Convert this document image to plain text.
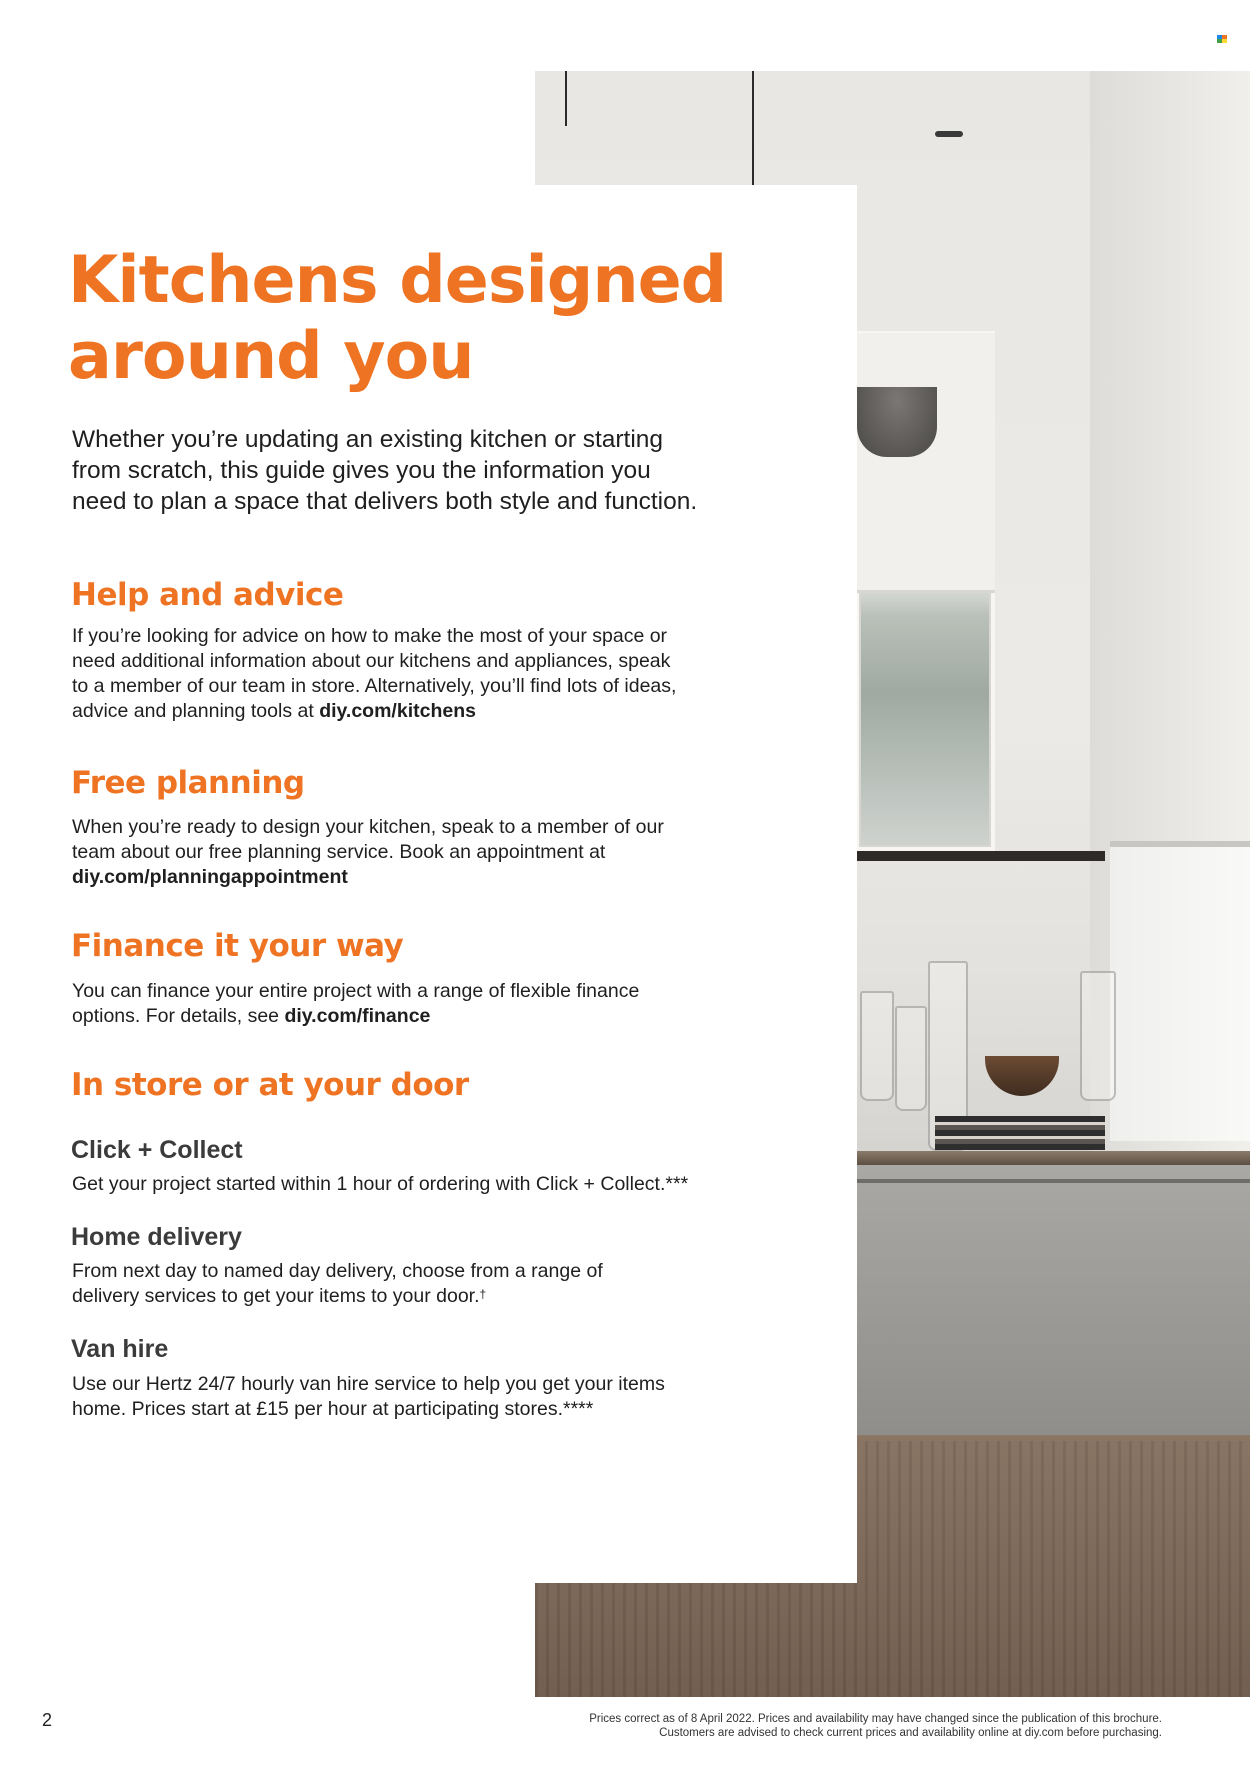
Kitchens designed
around you
Whether you’re updating an existing kitchen or starting
from scratch, this guide gives you the information you
need to plan a space that delivers both style and function.
Help and advice
If you’re looking for advice on how to make the most of your space or
need additional information about our kitchens and appliances, speak
to a member of our team in store. Alternatively, you’ll find lots of ideas,
advice and planning tools at diy.com/kitchens
Free planning
When you’re ready to design your kitchen, speak to a member of our
team about our free planning service. Book an appointment at
diy.com/planningappointment
Finance it your way
You can finance your entire project with a range of flexible finance
options. For details, see diy.com/finance
In store or at your door
Click + Collect
Get your project started within 1 hour of ordering with Click + Collect.***
Home delivery
From next day to named day delivery, choose from a range of
delivery services to get your items to your door.†
Van hire
Use our Hertz 24/7 hourly van hire service to help you get your items
home. Prices start at £15 per hour at participating stores.****
2	Prices correct as of 8 April 2022. Prices and availability may have changed since the publication of this brochure.
Customers are advised to check current prices and availability online at diy.com before purchasing.
